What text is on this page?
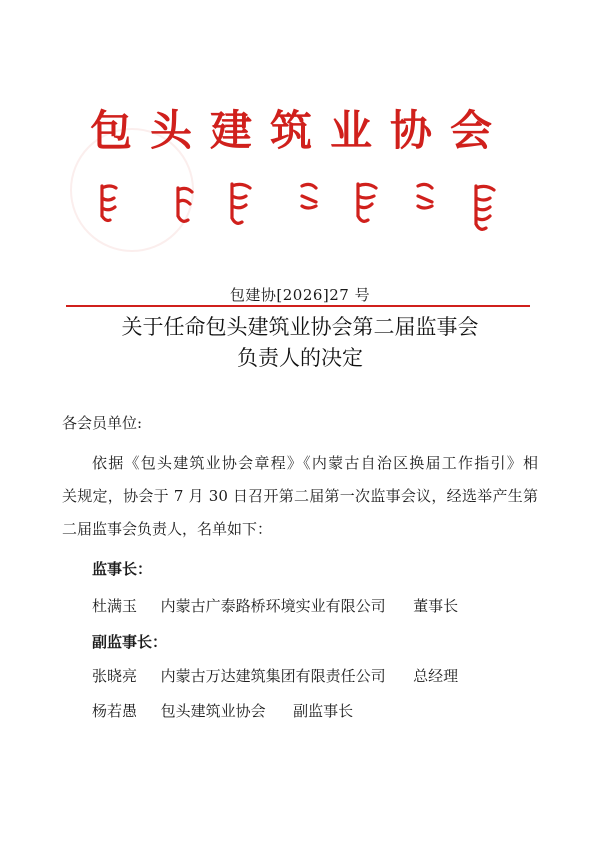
包头建筑业协会
包建协[2026]27 号
关于任命包头建筑业协会第二届监事会
负责人的决定
各会员单位:
依据《包头建筑业协会章程》《内蒙古自治区换届工作指引》相
关规定，协会于 7 月 30 日召开第二届第一次监事会议，经选举产生第
二届监事会负责人，名单如下：
监事长：
杜满玉 内蒙古广泰路桥环境实业有限公司 董事长
副监事长：
张晓亮 内蒙古万达建筑集团有限责任公司 总经理
杨若愚 包头建筑业协会 副监事长
